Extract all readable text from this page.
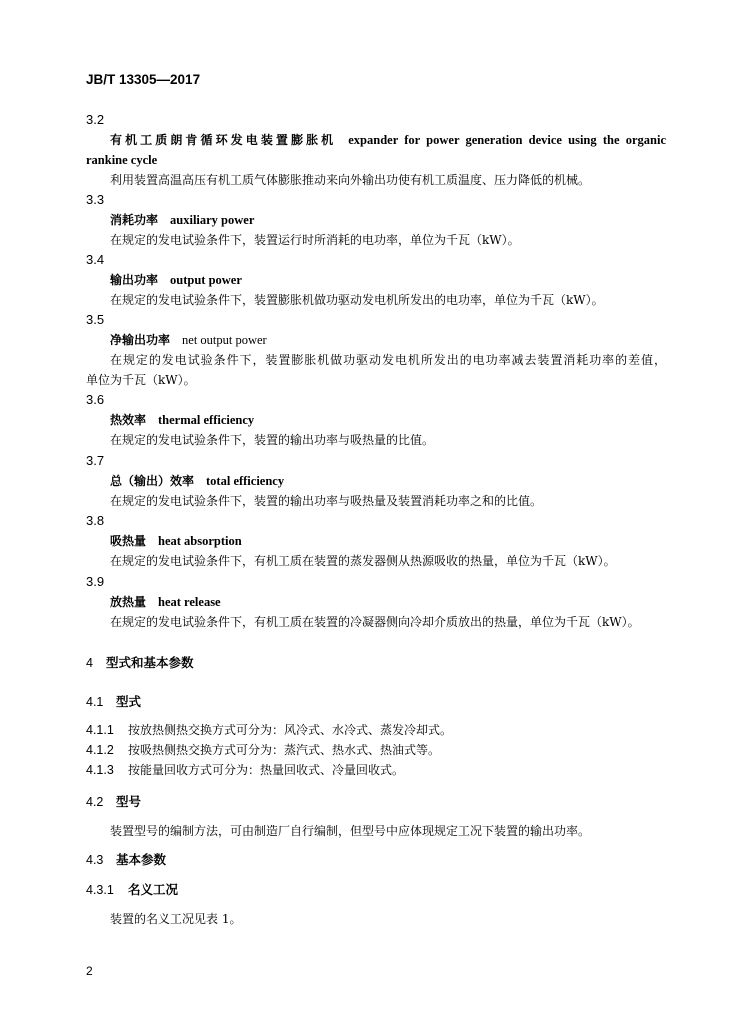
JB/T 13305—2017
3.2
有机工质朗肯循环发电装置膨胀机 expander for power generation device using the organic
rankine cycle
利用装置高温高压有机工质气体膨胀推动来向外输出功使有机工质温度、压力降低的机械。
3.3
消耗功率 auxiliary power
在规定的发电试验条件下，装置运行时所消耗的电功率，单位为千瓦（kW）。
3.4
输出功率 output power
在规定的发电试验条件下，装置膨胀机做功驱动发电机所发出的电功率，单位为千瓦（kW）。
3.5
净输出功率 net output power
在规定的发电试验条件下，装置膨胀机做功驱动发电机所发出的电功率减去装置消耗功率的差值，
单位为千瓦（kW）。
3.6
热效率 thermal efficiency
在规定的发电试验条件下，装置的输出功率与吸热量的比值。
3.7
总（输出）效率 total efficiency
在规定的发电试验条件下，装置的输出功率与吸热量及装置消耗功率之和的比值。
3.8
吸热量 heat absorption
在规定的发电试验条件下，有机工质在装置的蒸发器侧从热源吸收的热量，单位为千瓦（kW）。
3.9
放热量 heat release
在规定的发电试验条件下，有机工质在装置的冷凝器侧向冷却介质放出的热量，单位为千瓦（kW）。
4 型式和基本参数
4.1 型式
4.1.1 按放热侧热交换方式可分为：风冷式、水冷式、蒸发冷却式。
4.1.2 按吸热侧热交换方式可分为：蒸汽式、热水式、热油式等。
4.1.3 按能量回收方式可分为：热量回收式、冷量回收式。
4.2 型号
装置型号的编制方法，可由制造厂自行编制，但型号中应体现规定工况下装置的输出功率。
4.3 基本参数
4.3.1 名义工况
装置的名义工况见表 1。
2
